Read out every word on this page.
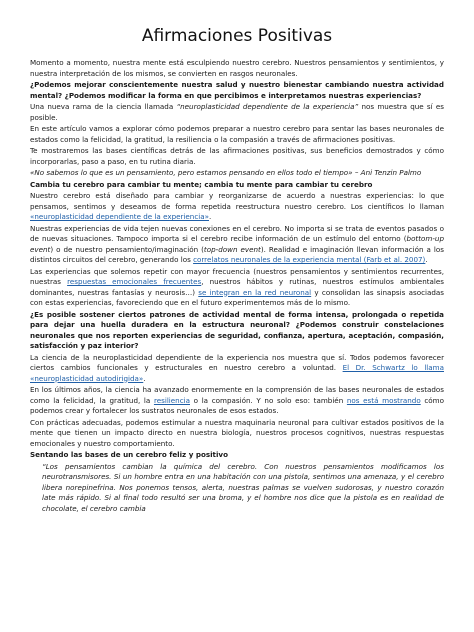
Afirmaciones Positivas

Momento a momento, nuestra mente está esculpiendo nuestro cerebro. Nuestros pensamientos y sentimientos, y nuestra interpretación de los mismos, se convierten en rasgos neuronales.

¿Podemos mejorar conscientemente nuestra salud y nuestro bienestar cambiando nuestra actividad mental? ¿Podemos modificar la forma en que percibimos e interpretamos nuestras experiencias?

Una nueva rama de la ciencia llamada “neuroplasticidad dependiente de la experiencia” nos muestra que sí es posible.

En este artículo vamos a explorar cómo podemos preparar a nuestro cerebro para sentar las bases neuronales de estados como la felicidad, la gratitud, la resiliencia o la compasión a través de afirmaciones positivas.

Te mostraremos las bases científicas detrás de las afirmaciones positivas, sus beneficios demostrados y cómo incorporarlas, paso a paso, en tu rutina diaria.

«No sabemos lo que es un pensamiento, pero estamos pensando en ellos todo el tiempo» – Ani Tenzin Palmo

Cambia tu cerebro para cambiar tu mente; cambia tu mente para cambiar tu cerebro

Nuestro cerebro está diseñado para cambiar y reorganizarse de acuerdo a nuestras experiencias: lo que pensamos, sentimos y deseamos de forma repetida reestructura nuestro cerebro. Los científicos lo llaman «neuroplasticidad dependiente de la experiencia».

Nuestras experiencias de vida tejen nuevas conexiones en el cerebro. No importa si se trata de eventos pasados o de nuevas situaciones. Tampoco importa si el cerebro recibe información de un estímulo del entorno (bottom-up event) o de nuestro pensamiento/imaginación (top-down event). Realidad e imaginación llevan información a los distintos circuitos del cerebro, generando los correlatos neuronales de la experiencia mental (Farb et al. 2007).

Las experiencias que solemos repetir con mayor frecuencia (nuestros pensamientos y sentimientos recurrentes, nuestras respuestas emocionales frecuentes, nuestros hábitos y rutinas, nuestros estímulos ambientales dominantes, nuestras fantasías y neurosis…) se integran en la red neuronal y consolidan las sinapsis asociadas con estas experiencias, favoreciendo que en el futuro experimentemos más de lo mismo.

¿Es posible sostener ciertos patrones de actividad mental de forma intensa, prolongada o repetida para dejar una huella duradera en la estructura neuronal? ¿Podemos construir constelaciones neuronales que nos reporten experiencias de seguridad, confianza, apertura, aceptación, compasión, satisfacción y paz interior?

La ciencia de la neuroplasticidad dependiente de la experiencia nos muestra que sí. Todos podemos favorecer ciertos cambios funcionales y estructurales en nuestro cerebro a voluntad. El Dr. Schwartz lo llama «neuroplasticidad autodirigida».

En los últimos años, la ciencia ha avanzado enormemente en la comprensión de las bases neuronales de estados como la felicidad, la gratitud, la resiliencia o la compasión. Y no solo eso: también nos está mostrando cómo podemos crear y fortalecer los sustratos neuronales de esos estados.

Con prácticas adecuadas, podemos estimular a nuestra maquinaria neuronal para cultivar estados positivos de la mente que tienen un impacto directo en nuestra biología, nuestros procesos cognitivos, nuestras respuestas emocionales y nuestro comportamiento.

Sentando las bases de un cerebro feliz y positivo

“Los pensamientos cambian la química del cerebro. Con nuestros pensamientos modificamos los neurotransmisores. Si un hombre entra en una habitación con una pistola, sentimos una amenaza, y el cerebro libera norepinefrina. Nos ponemos tensos, alerta, nuestras palmas se vuelven sudorosas, y nuestro corazón late más rápido. Si al final todo resultó ser una broma, y el hombre nos dice que la pistola es en realidad de chocolate, el cerebro cambia
